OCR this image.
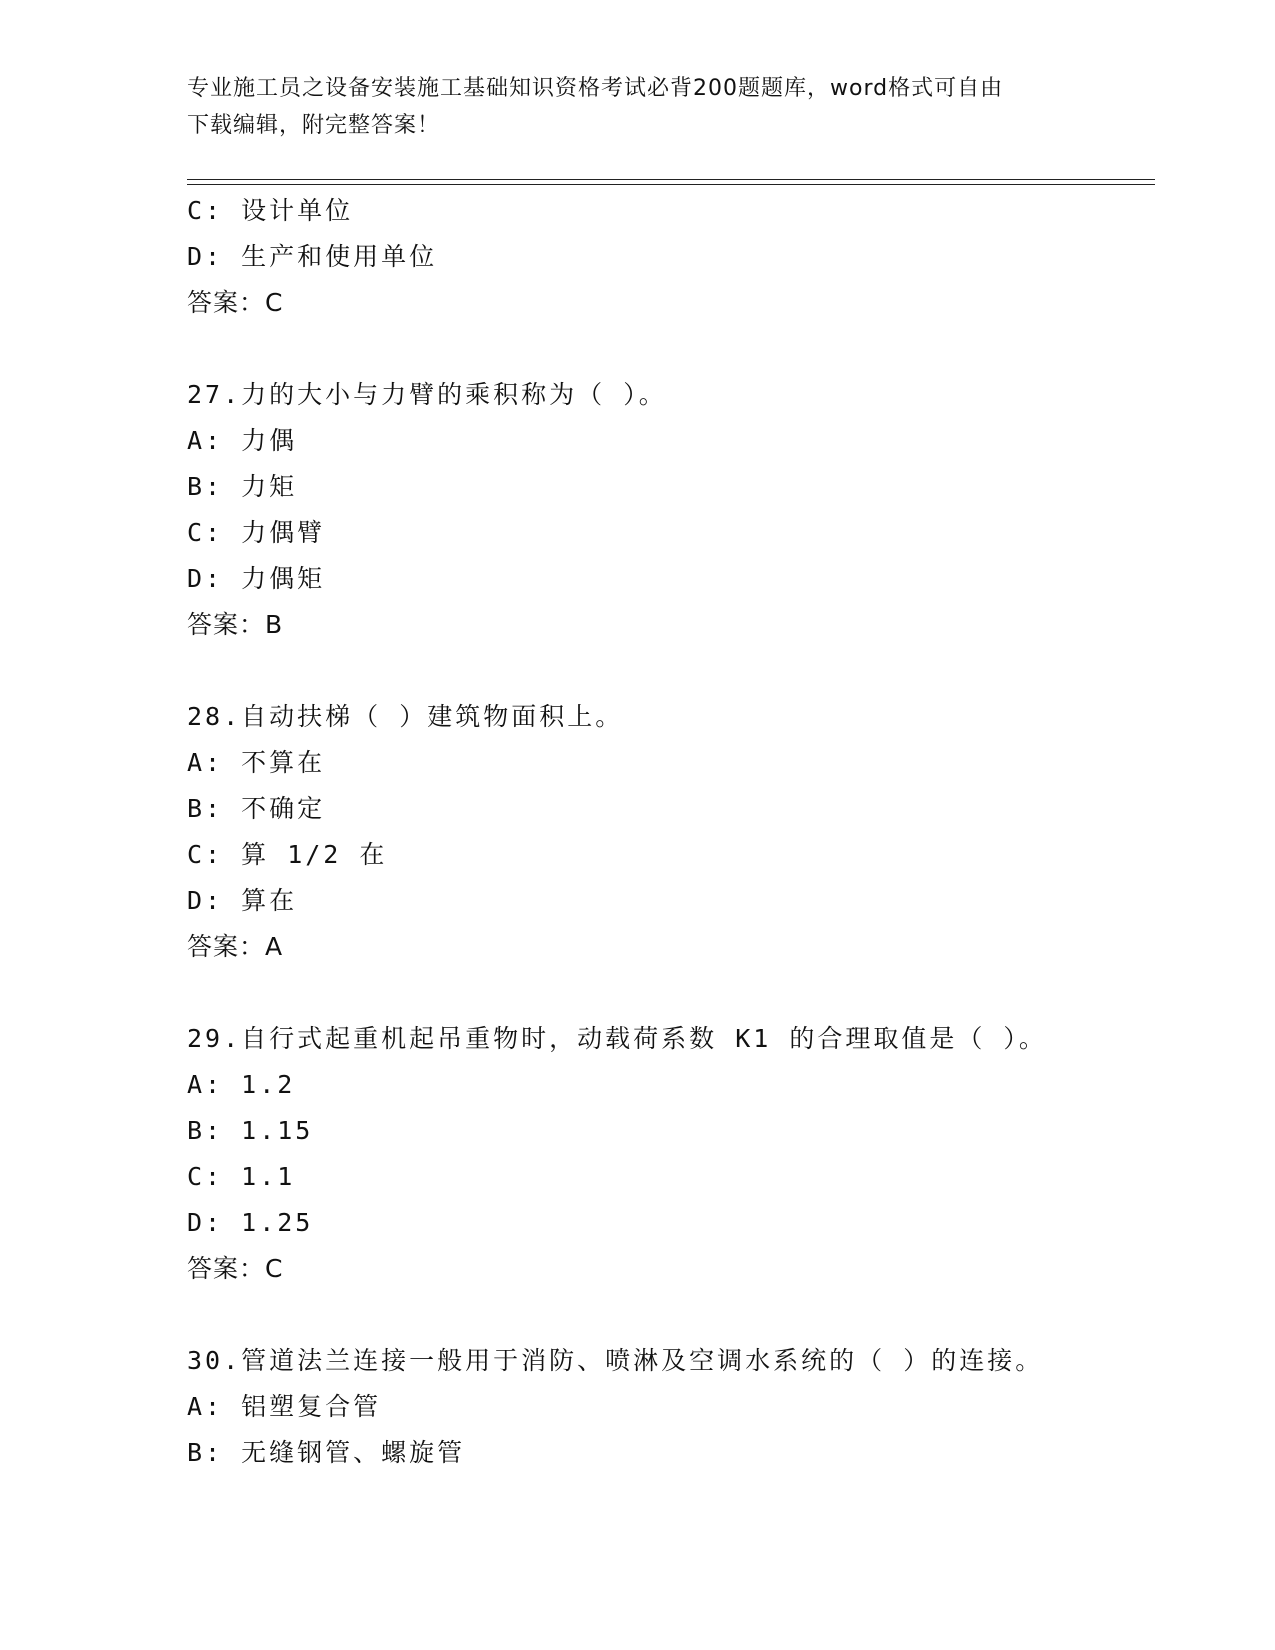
专业施工员之设备安装施工基础知识资格考试必背200题题库，word格式可自由
下载编辑，附完整答案！
C: 设计单位
D: 生产和使用单位
答案：C
27.力的大小与力臂的乘积称为（ ）。
A: 力偶
B: 力矩
C: 力偶臂
D: 力偶矩
答案：B
28.自动扶梯（ ）建筑物面积上。
A: 不算在
B: 不确定
C: 算 1/2 在
D: 算在
答案：A
29.自行式起重机起吊重物时，动载荷系数 K1 的合理取值是（ ）。
A: 1.2
B: 1.15
C: 1.1
D: 1.25
答案：C
30.管道法兰连接一般用于消防、喷淋及空调水系统的（ ）的连接。
A: 铝塑复合管
B: 无缝钢管、螺旋管
